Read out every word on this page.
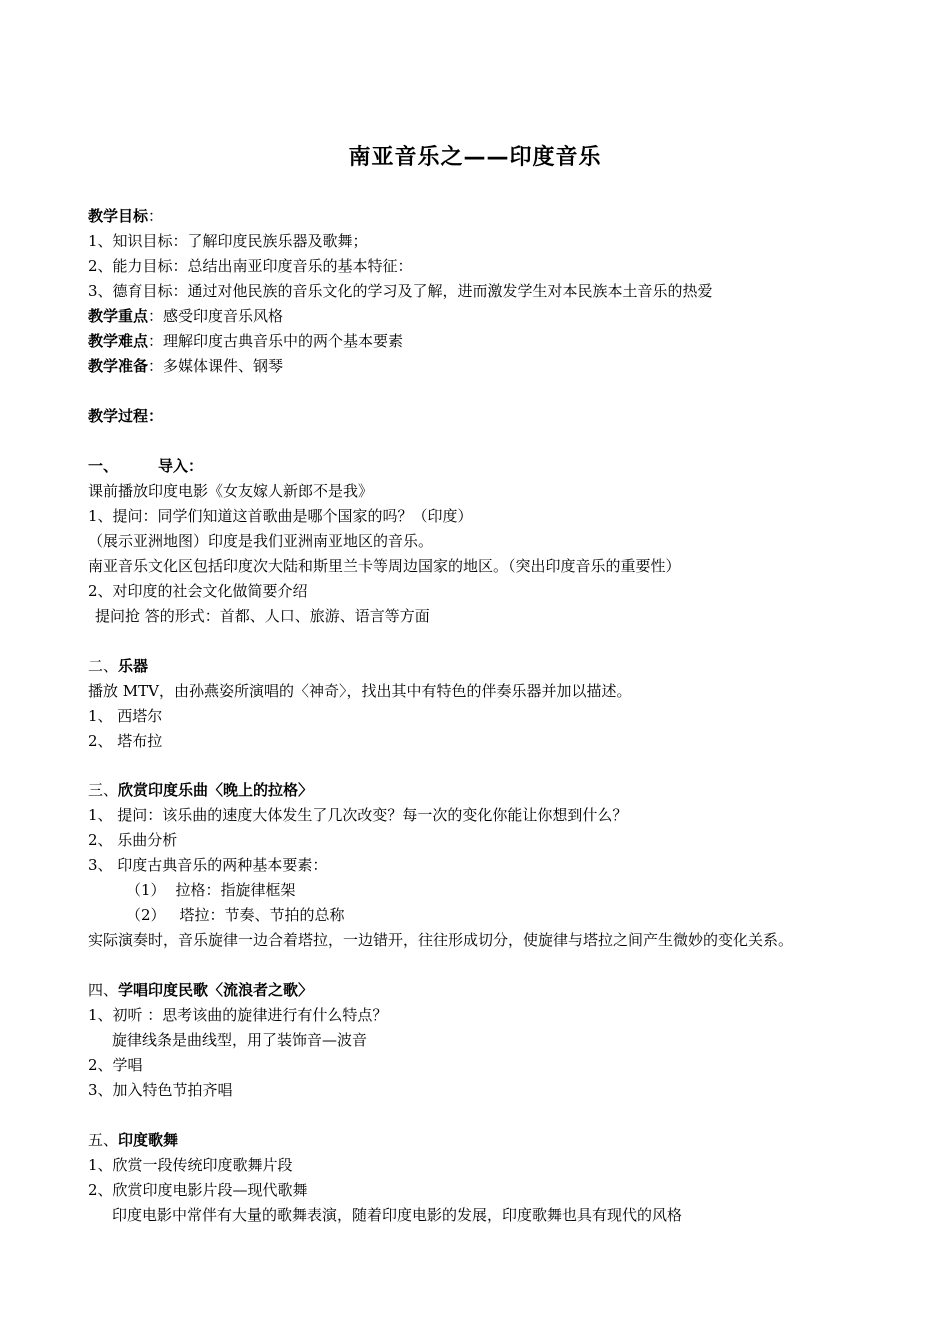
南亚音乐之——印度音乐
教学目标：
1、知识目标：了解印度民族乐器及歌舞；
2、能力目标：总结出南亚印度音乐的基本特征：
3、德育目标：通过对他民族的音乐文化的学习及了解，进而激发学生对本民族本土音乐的热爱
教学重点：感受印度音乐风格
教学难点：理解印度古典音乐中的两个基本要素
教学准备：多媒体课件、钢琴
教学过程：
一、	导入：
课前播放印度电影《女友嫁人新郎不是我》
1、提问：同学们知道这首歌曲是哪个国家的吗？（印度）
（展示亚洲地图）印度是我们亚洲南亚地区的音乐。
南亚音乐文化区包括印度次大陆和斯里兰卡等周边国家的地区。（突出印度音乐的重要性）
2、对印度的社会文化做简要介绍
提问抢 答的形式：首都、人口、旅游、语言等方面
二、乐器
播放 MTV，由孙燕姿所演唱的〈神奇〉，找出其中有特色的伴奏乐器并加以描述。
1、 西塔尔
2、 塔布拉
三、欣赏印度乐曲〈晚上的拉格〉
1、 提问：该乐曲的速度大体发生了几次改变？每一次的变化你能让你想到什么？
2、 乐曲分析
3、 印度古典音乐的两种基本要素：
（1） 拉格：指旋律框架
（2） 塔拉：节奏、节拍的总称
实际演奏时，音乐旋律一边合着塔拉，一边错开，往往形成切分，使旋律与塔拉之间产生微妙的变化关系。
四、学唱印度民歌〈流浪者之歌〉
1、初听 ：思考该曲的旋律进行有什么特点？
旋律线条是曲线型，用了装饰音—波音
2、学唱
3、加入特色节拍齐唱
五、印度歌舞
1、欣赏一段传统印度歌舞片段
2、欣赏印度电影片段—现代歌舞
印度电影中常伴有大量的歌舞表演，随着印度电影的发展，印度歌舞也具有现代的风格
